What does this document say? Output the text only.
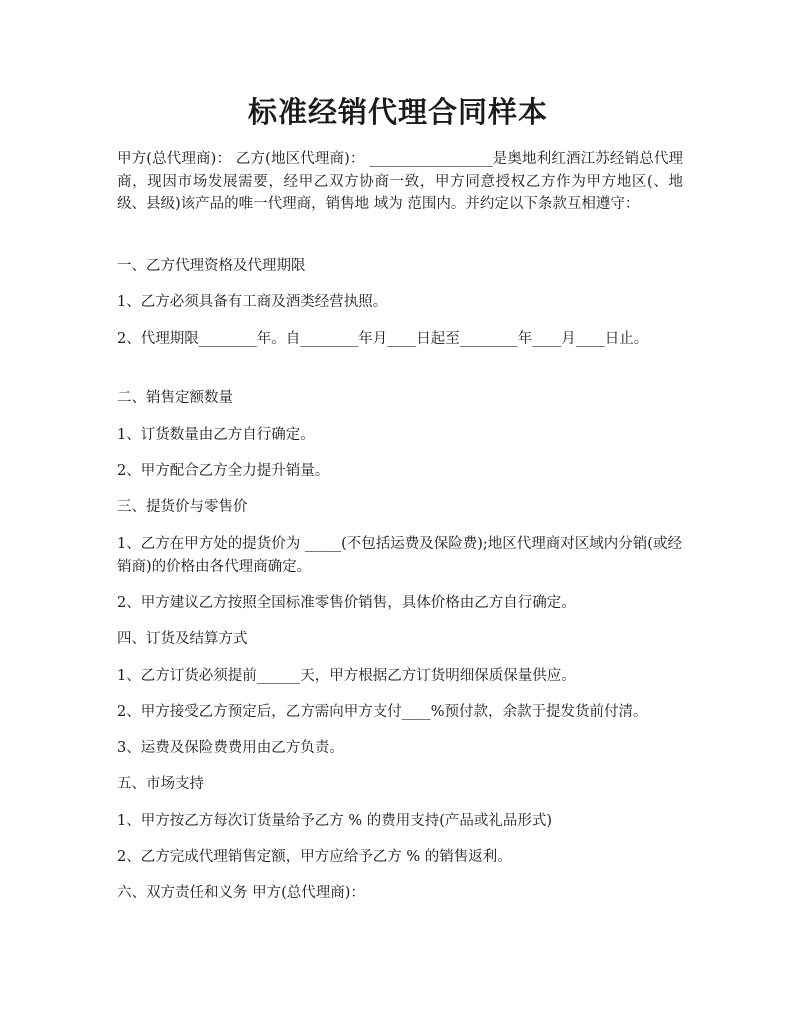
标准经销代理合同样本

甲方(总代理商)： 乙方(地区代理商)： _________________是奥地利红酒江苏经销总代理商，现因市场发展需要，经甲乙双方协商一致，甲方同意授权乙方作为甲方地区(、地级、县级)该产品的唯一代理商，销售地 域为 范围内。并约定以下条款互相遵守：

一、乙方代理资格及代理期限

1、乙方必须具备有工商及酒类经营执照。

2、代理期限________年。自________年月____日起至________年____月____日止。

二、销售定额数量

1、订货数量由乙方自行确定。

2、甲方配合乙方全力提升销量。

三、提货价与零售价

1、乙方在甲方处的提货价为 _____(不包括运费及保险费);地区代理商对区域内分销(或经销商)的价格由各代理商确定。

2、甲方建议乙方按照全国标准零售价销售，具体价格由乙方自行确定。

四、订货及结算方式

1、乙方订货必须提前______天，甲方根据乙方订货明细保质保量供应。

2、甲方接受乙方预定后，乙方需向甲方支付____%预付款，余款于提发货前付清。

3、运费及保险费费用由乙方负责。

五、市场支持

1、甲方按乙方每次订货量给予乙方 % 的费用支持(产品或礼品形式)

2、乙方完成代理销售定额，甲方应给予乙方 % 的销售返利。

六、双方责任和义务 甲方(总代理商)：
